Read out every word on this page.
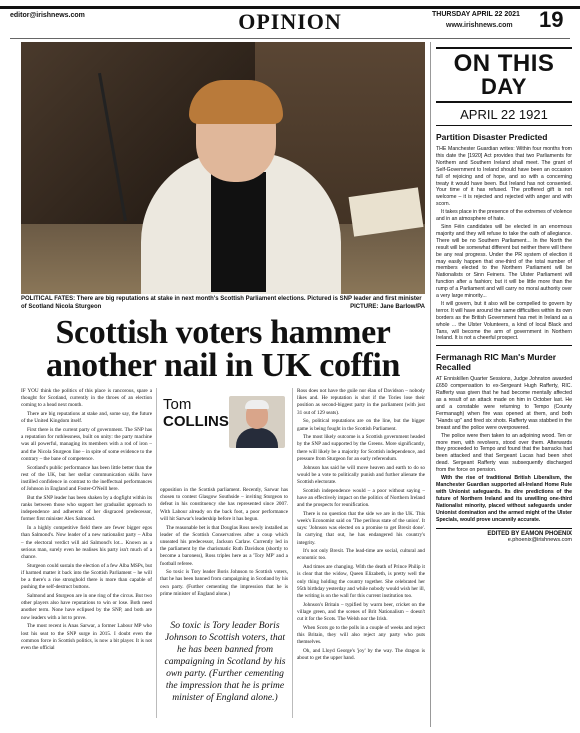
editor@irishnews.com	OPINION	THURSDAY APRIL 22 2021
www.irishnews.com 19
POLITICAL FATES: There are big reputations at stake in next month's Scottish Parliament elections. Pictured is SNP leader and first minister of Scotland Nicola Sturgeon	PICTURE: Jane Barlow/PA
Scottish voters hammer
another nail in UK coffin

IF YOU think the politics of this place is rancorous, spare a thought for Scotland, currently in the throes of an election coming to a head next month.

There are big reputations at stake and, some say, the future of the United Kingdom itself.

First there is the current party of government. The SNP has a reputation for ruthlessness, built on unity: the party machine was all powerful, managing its members with a rod of iron – and the Nicola Sturgeon line – in spite of some evidence to the contrary – the bane of competence.

Scotland's public performance has been little better than the rest of the UK, but her stellar communication skills have instilled confidence in contrast to the ineffectual performances of Johnson in England and Foster-O'Neill here.

But the SNP leader has been shaken by a dogfight within its ranks between those who support her gradualist approach to independence and adherents of her disgraced predecessor, former first minister Alex Salmond.

In a highly competitive field there are fewer bigger egos than Salmond's. Now leader of a new nationalist party – Alba – the electoral verdict will aid Salmond's lot... Known as a serious man, surely even he realises his party isn't much of a chance.

Sturgeon could sustain the election of a few Alba MSPs, but if harmed matter it back into the Scottish Parliament – he will be a there's a rise stronghold there is more than capable of pushing the self-destruct buttons.

Salmond and Sturgeon are in one ring of the circus. But two other players also have reputations to win or lose. Both need another term. None have eclipsed by the SNP, and both are now leaders with a lot to prove.

The most recent is Anas Sarwar, a former Labour MP who lost his seat to the SNP surge in 2015. I doubt even the common force in Scottish politics, is now a bit player. It is not even the official

Tom
COLLINS

opposition in the Scottish parliament. Recently, Sarwar has chosen to contest Glasgow Southside – inviting Sturgeon to defeat in his constituency she has represented since 2007. With Labour already on the back foot, a poor performance will hit Sarwar's leadership before it has begun.

The reasonable bet is that Douglas Ross newly installed as leader of the Scottish Conservatives after a coup which unseated his predecessor, Jackson Carlaw. Currently led in the parliament by the charismatic Ruth Davidson (shortly to become a baroness), Ross triples here as a 'Tory MP' and a football referee.

So toxic is Tory leader Boris Johnson to Scottish voters, that he has been banned from campaigning in Scotland by his own party. (Further cementing the impression that he is prime minister of England alone.)

So toxic is Tory leader Boris Johnson to Scottish voters, that he has been banned from campaigning in Scotland by his own party. (Further cementing the impression that he is prime minister of England alone.)

Ross does not have the guile nor élan of Davidson – nobody likes and. He reputation is shot if the Tories lose their position as second-biggest party in the parliament (with just 31 out of 129 seats).

So, political reputations are on the line, but the bigger game is being fought in the Scottish Parliament.

The most likely outcome is a Scottish government headed by the SNP and supported by the Greens. More significantly, there will likely be a majority for Scottish independence, and pressure from Sturgeon for an early referendum.

Johnson has said he will move heaven and earth to do so would be a vote to politically punish and further alienate the Scottish electorate.

Scottish independence would – a poor without saying – have an effectively impact on the politics of Northern Ireland and the prospects for reunification.

There is no question that the side we are in the UK. This week's Economist said on 'The perilous state of the union'. It says: 'Johnson was elected on a promise to get Brexit done'. In carrying that out, he has endangered his country's integrity.

It's not only Brexit. The lead-time are social, cultural and economic too.

And times are changing. With the death of Prince Philip it is clear that the widow, Queen Elizabeth, is pretty well the only thing holding the country together. She celebrated her 95th birthday yesterday and while nobody would wish her ill, the writing is on the wall for this current institution too.

Johnson's Britain – typified by warm beer, cricket on the village green, and the scenes of Brit Nationalism – doesn't cut it for the Scots. The Welsh nor the Irish.

When Scots go to the polls in a couple of weeks and reject this Britain, they will also reject any party who puts themselves.

Oh, and Lloyd George's 'joy' by the way. The dragon is about to get the upper hand.

ON THIS
DAY
APRIL 22 1921
Partition Disaster Predicted

THE Manchester Guardian writes: Within four months from this date the [1920] Act provides that two Parliaments for Northern and Southern Ireland shall meet. The grant of Self-Government to Ireland should have been an occasion full of rejoicing and of hope, and so with a concerning treaty it would have been. But Ireland has not consented. Your time of it has refused. The proffered gift is not welcome – it is rejected and rejected with anger and with scorn.

It takes place in the presence of the extremes of violence and in an atmosphere of hate.

Sinn Féin candidates will be elected in an enormous majority and they will refuse to take the oath of allegiance. There will be no Southern Parliament... In the North the result will be somewhat different but neither there will there be any real progress. Under the PR system of election it may easily happen that one-third of the total number of members elected to the Northern Parliament will be Nationalists or Sinn Feiners. The Ulster Parliament will function after a fashion; but it will be little more than the rump of a Parliament and will carry no moral authority over a very large minority...

It will govern, but it also will be compelled to govern by terror. It will have around the same difficulties within its own borders as the British Government has met in Ireland as a whole ... the Ulster Volunteers, a kind of local Black and Tans, will become the arm of government in Northern Ireland. It is not a cheerful prospect.

Fermanagh RIC Man's Murder Recalled

AT Enniskillen Quarter Sessions, Judge Johnston awarded £650 compensation to ex-Sergeant Hugh Rafferty, RIC. Rafferty was given that he had become mentally affected as a result of an attack made on him in October last. He and a constable were returning to Tempo (County Fermanagh) when fire was opened at them, and both "Hands up" and fired six shots. Rafferty was stabbed in the breast and the police were overpowered.

The police were then taken to an adjoining wood. Ten or more men, with revolvers, stood over them. Afterwards they proceeded to Tempo and found that the barracks had been attacked and that Sergeant Lucas had been shot dead. Sergeant Rafferty was subsequently discharged from the force on pension.

With the rise of traditional British Liberalism, the Manchester Guardian supported all-Ireland Home Rule with Unionist safeguards. Its dire predictions of the future of Northern Ireland and its unwilling one-third Nationalist minority, placed without safeguards under Unionist domination and the armed might of the Ulster Specials, would prove uncannily accurate.

EDITED BY EAMON PHOENIX
e.phoenix@irishnews.com
